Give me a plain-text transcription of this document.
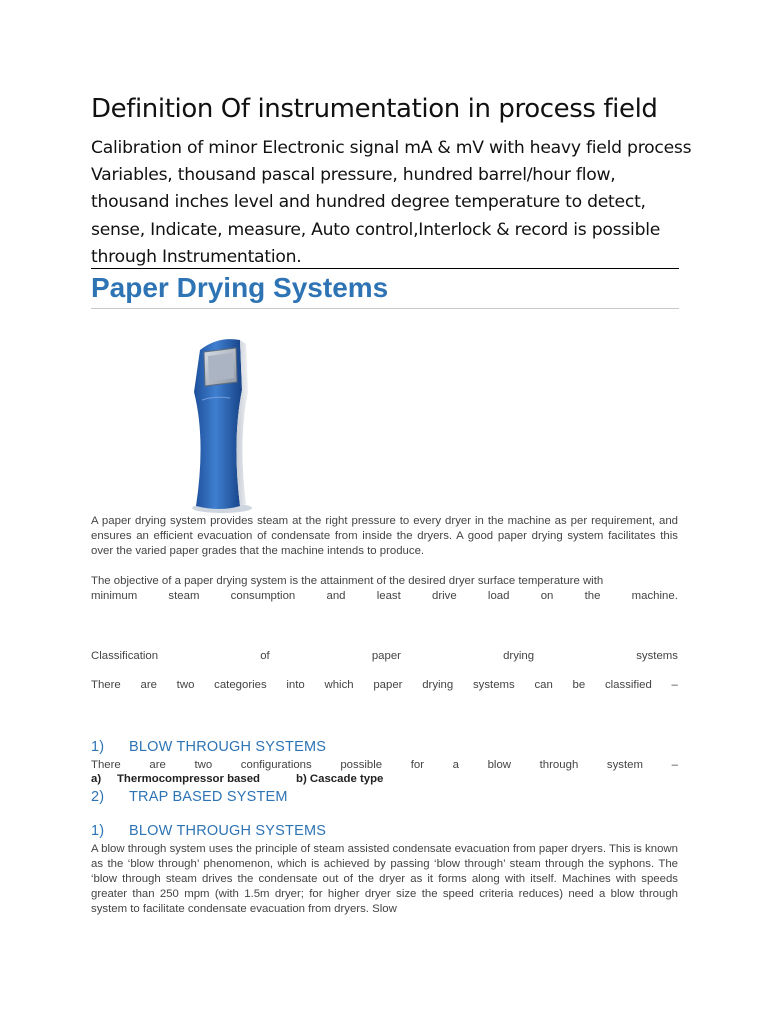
Definition Of instrumentation in process field
Calibration of minor Electronic signal mA & mV with heavy field process
Variables, thousand pascal pressure, hundred barrel/hour flow,
thousand inches level and hundred degree temperature to detect,
sense, Indicate, measure, Auto control,Interlock & record is possible
through Instrumentation.
Paper Drying Systems
A paper drying system provides steam at the right pressure to every dryer in the machine as per requirement, and ensures an efficient evacuation of condensate from inside the dryers. A good paper drying system facilitates this over the varied paper grades that the machine intends to produce.
The objective of a paper drying system is the attainment of the desired dryer surface temperature with
minimum	steam	consumption	and	least	drive	load	on	the	machine.
Classification	of	paper	drying	systems
There are two categories into which paper drying systems can be classified –
1) BLOW THROUGH SYSTEMS
There	are	two	configurations	possible	for	a	blow	through	system	–
a)     Thermocompressor based	b) Cascade type
2) TRAP BASED SYSTEM
1) BLOW THROUGH SYSTEMS
A blow through system uses the principle of steam assisted condensate evacuation from paper dryers. This is known as the ‘blow through’ phenomenon, which is achieved by passing ‘blow through’ steam through the syphons. The ‘blow through steam drives the condensate out of the dryer as it forms along with itself. Machines with speeds greater than 250 mpm (with 1.5m dryer; for higher dryer size the speed criteria reduces) need a blow through system to facilitate condensate evacuation from dryers. Slow
